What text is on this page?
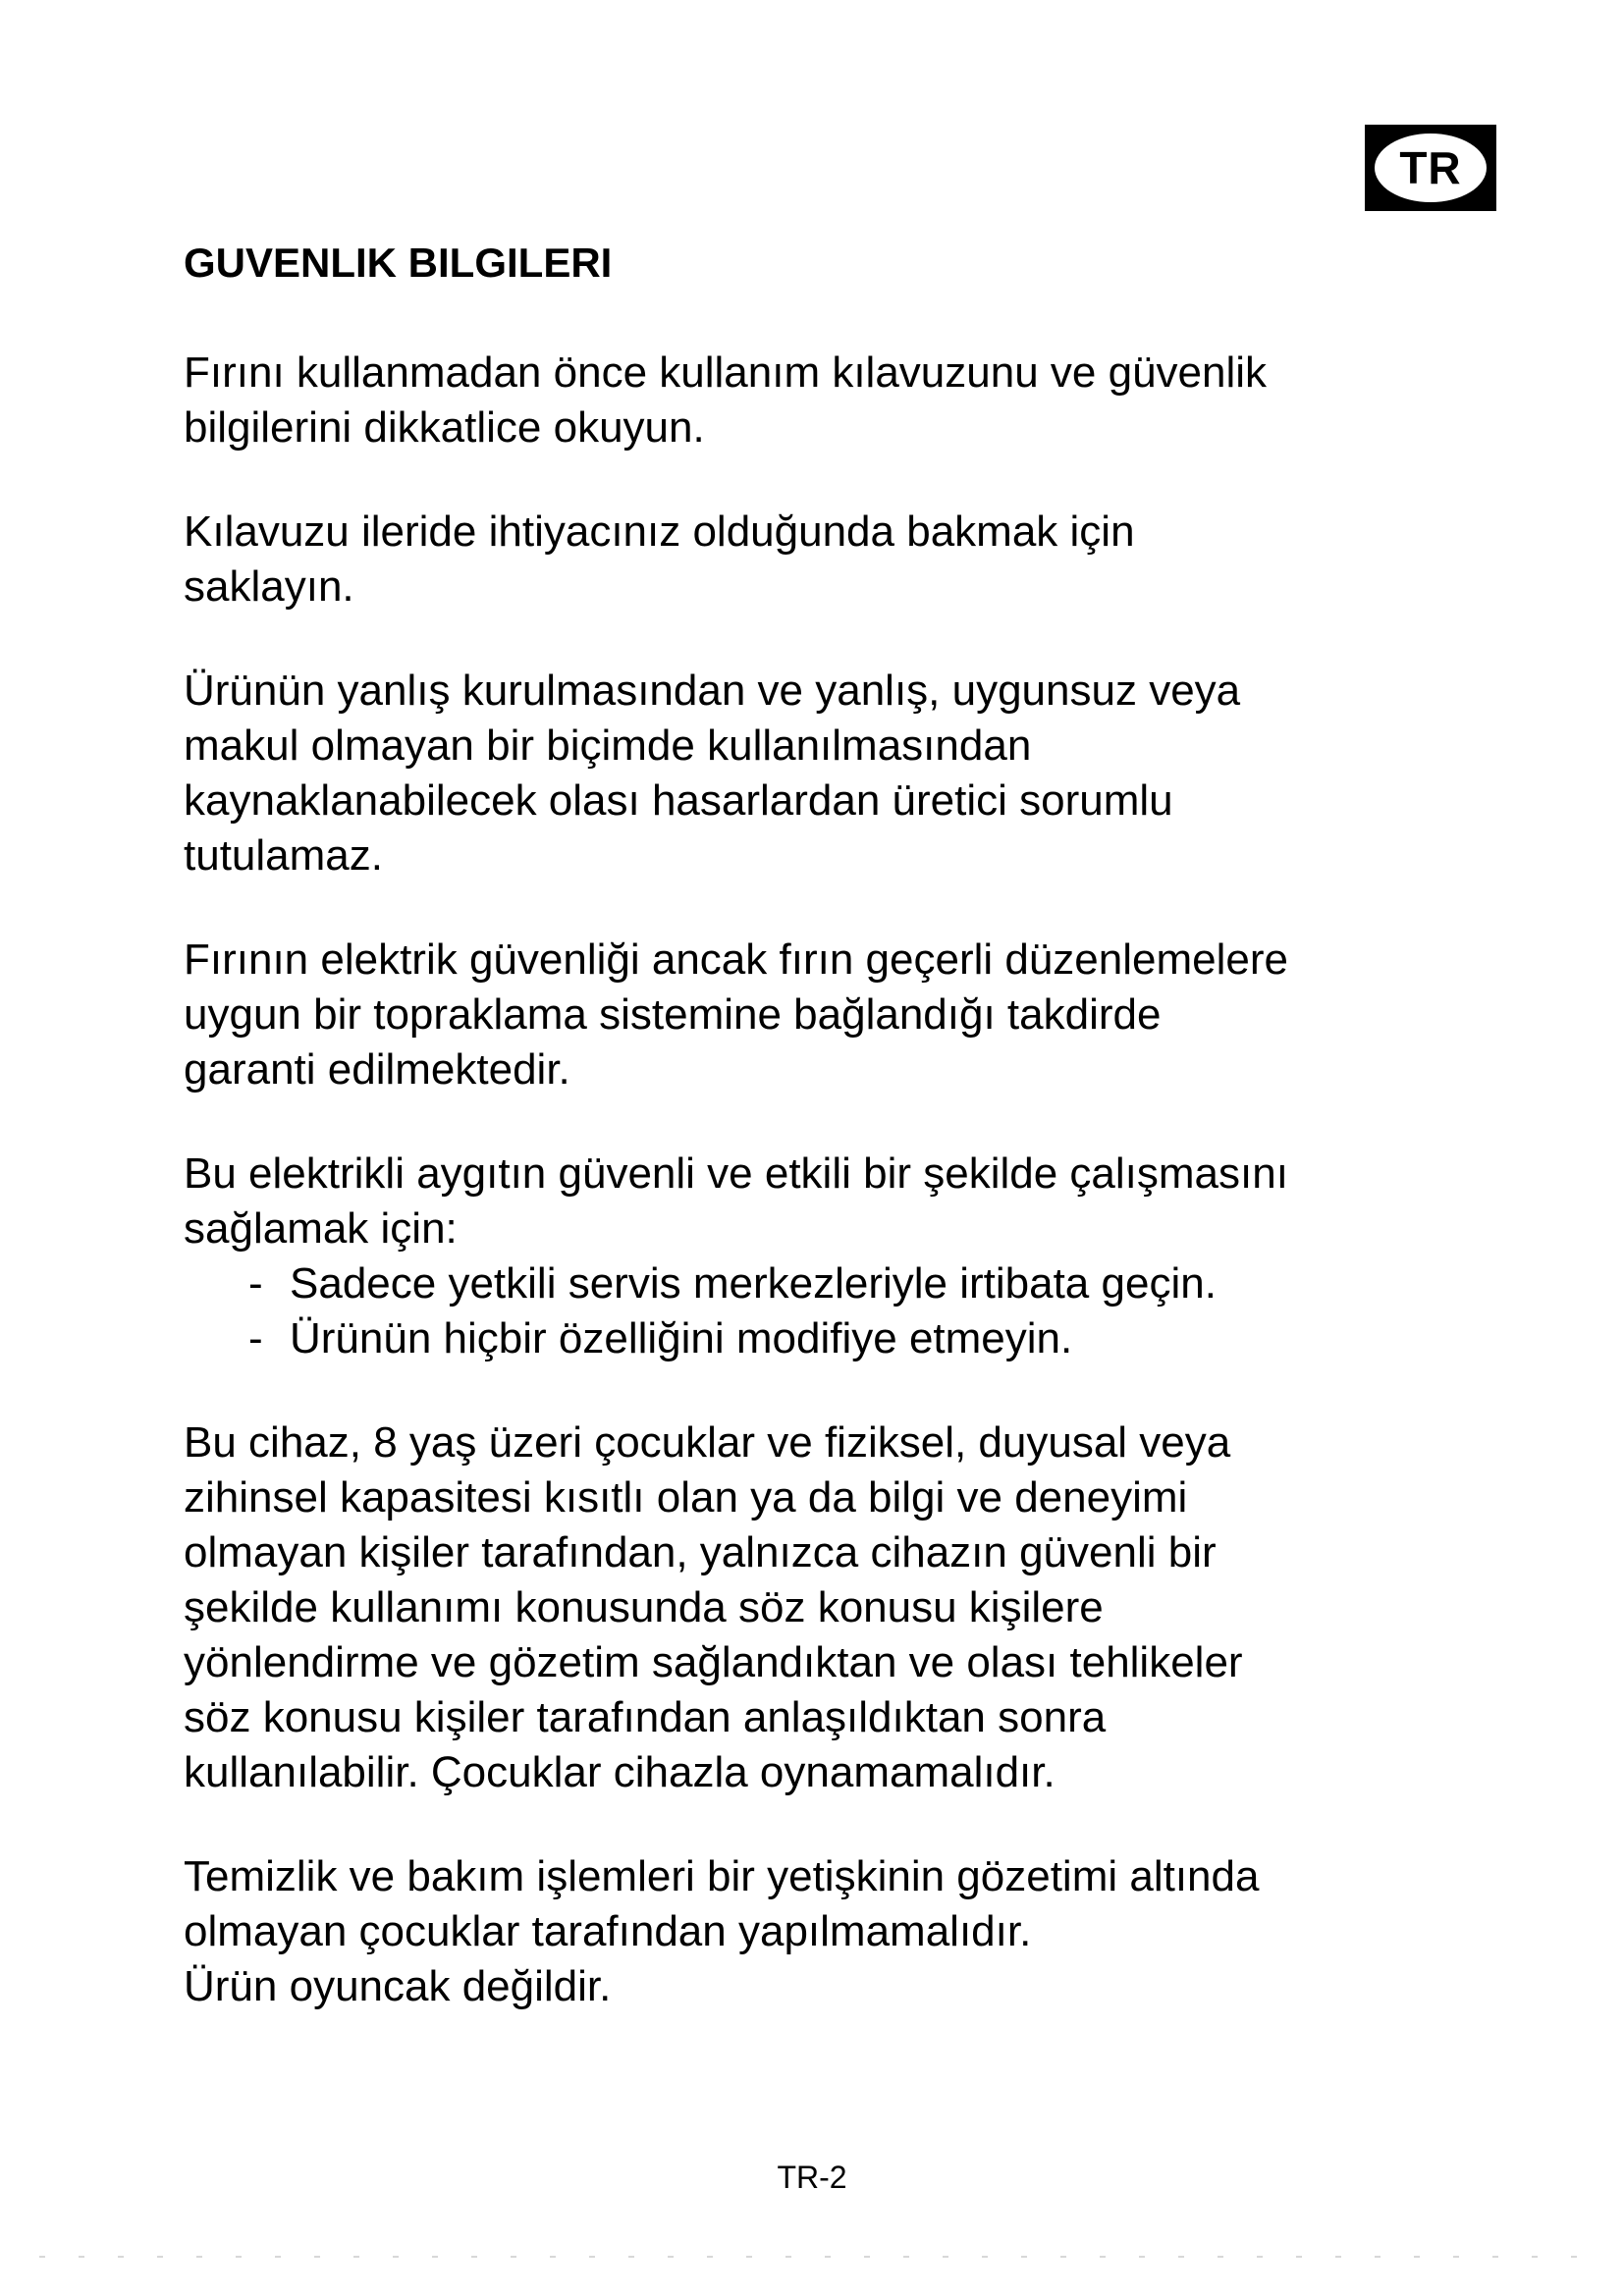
TR
GUVENLIK BILGILERI

Fırını kullanmadan önce kullanım kılavuzunu ve güvenlik

bilgilerini dikkatlice okuyun.

Kılavuzu ileride ihtiyacınız olduğunda bakmak için

saklayın.

Ürünün yanlış kurulmasından ve yanlış, uygunsuz veya

makul olmayan bir biçimde kullanılmasından

kaynaklanabilecek olası hasarlardan üretici sorumlu

tutulamaz.

Fırının elektrik güvenliği ancak fırın geçerli düzenlemelere

uygun bir topraklama sistemine bağlandığı takdirde

garanti edilmektedir.

Bu elektrikli aygıtın güvenli ve etkili bir şekilde çalışmasını

sağlamak için:

- Sadece yetkili servis merkezleriyle irtibata geçin.
- Ürünün hiçbir özelliğini modifiye etmeyin.

Bu cihaz, 8 yaş üzeri çocuklar ve fiziksel, duyusal veya

zihinsel kapasitesi kısıtlı olan ya da bilgi ve deneyimi

olmayan kişiler tarafından, yalnızca cihazın güvenli bir

şekilde kullanımı konusunda söz konusu kişilere

yönlendirme ve gözetim sağlandıktan ve olası tehlikeler

söz konusu kişiler tarafından anlaşıldıktan sonra

kullanılabilir. Çocuklar cihazla oynamamalıdır.

Temizlik ve bakım işlemleri bir yetişkinin gözetimi altında

olmayan çocuklar tarafından yapılmamalıdır.

Ürün oyuncak değildir.

TR-2
